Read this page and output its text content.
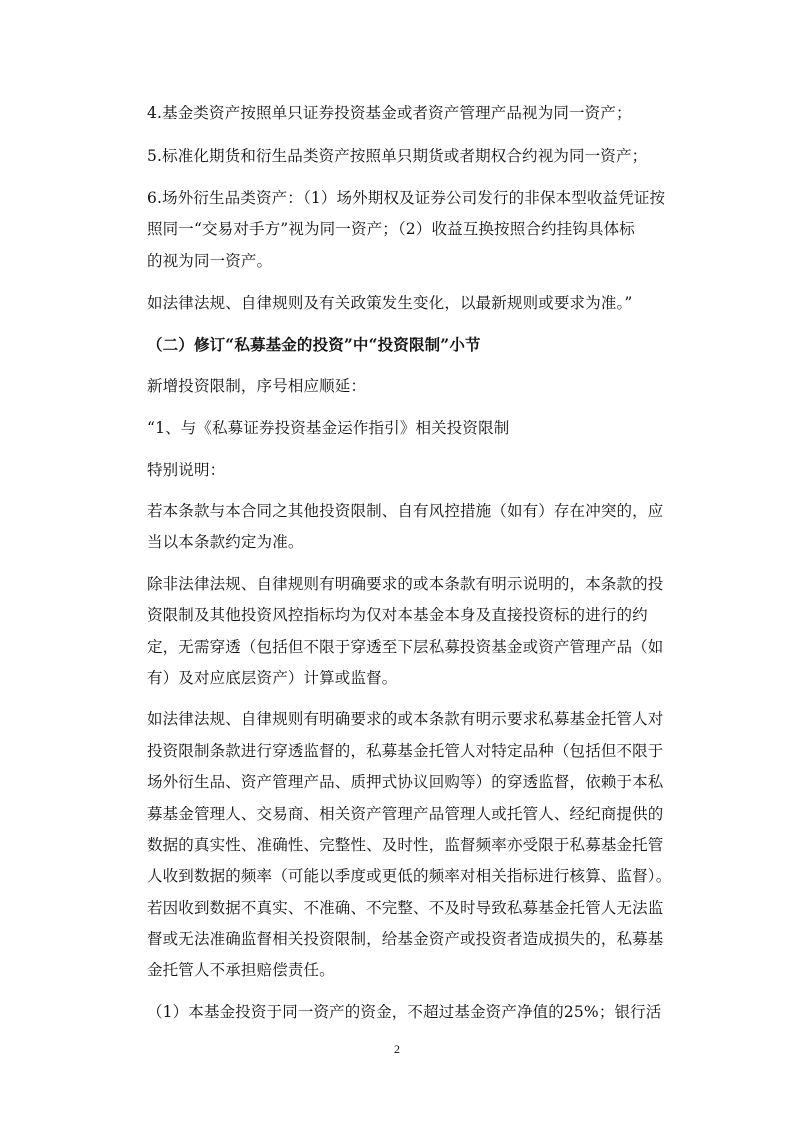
4.基金类资产按照单只证券投资基金或者资产管理产品视为同一资产；
5.标准化期货和衍生品类资产按照单只期货或者期权合约视为同一资产；
6.场外衍生品类资产：（1）场外期权及证券公司发行的非保本型收益凭证按
照同一“交易对手方”视为同一资产；（2）收益互换按照合约挂钩具体标
的视为同一资产。
如法律法规、自律规则及有关政策发生变化，以最新规则或要求为准。”
（二）修订“私募基金的投资”中“投资限制”小节
新增投资限制，序号相应顺延：
“1、与《私募证券投资基金运作指引》相关投资限制
特别说明：
若本条款与本合同之其他投资限制、自有风控措施（如有）存在冲突的，应
当以本条款约定为准。
除非法律法规、自律规则有明确要求的或本条款有明示说明的，本条款的投
资限制及其他投资风控指标均为仅对本基金本身及直接投资标的进行的约
定，无需穿透（包括但不限于穿透至下层私募投资基金或资产管理产品（如
有）及对应底层资产）计算或监督。
如法律法规、自律规则有明确要求的或本条款有明示要求私募基金托管人对
投资限制条款进行穿透监督的，私募基金托管人对特定品种（包括但不限于
场外衍生品、资产管理产品、质押式协议回购等）的穿透监督，依赖于本私
募基金管理人、交易商、相关资产管理产品管理人或托管人、经纪商提供的
数据的真实性、准确性、完整性、及时性，监督频率亦受限于私募基金托管
人收到数据的频率（可能以季度或更低的频率对相关指标进行核算、监督）。
若因收到数据不真实、不准确、不完整、不及时导致私募基金托管人无法监
督或无法准确监督相关投资限制，给基金资产或投资者造成损失的，私募基
金托管人不承担赔偿责任。
（1）本基金投资于同一资产的资金，不超过基金资产净值的25%；银行活
2
